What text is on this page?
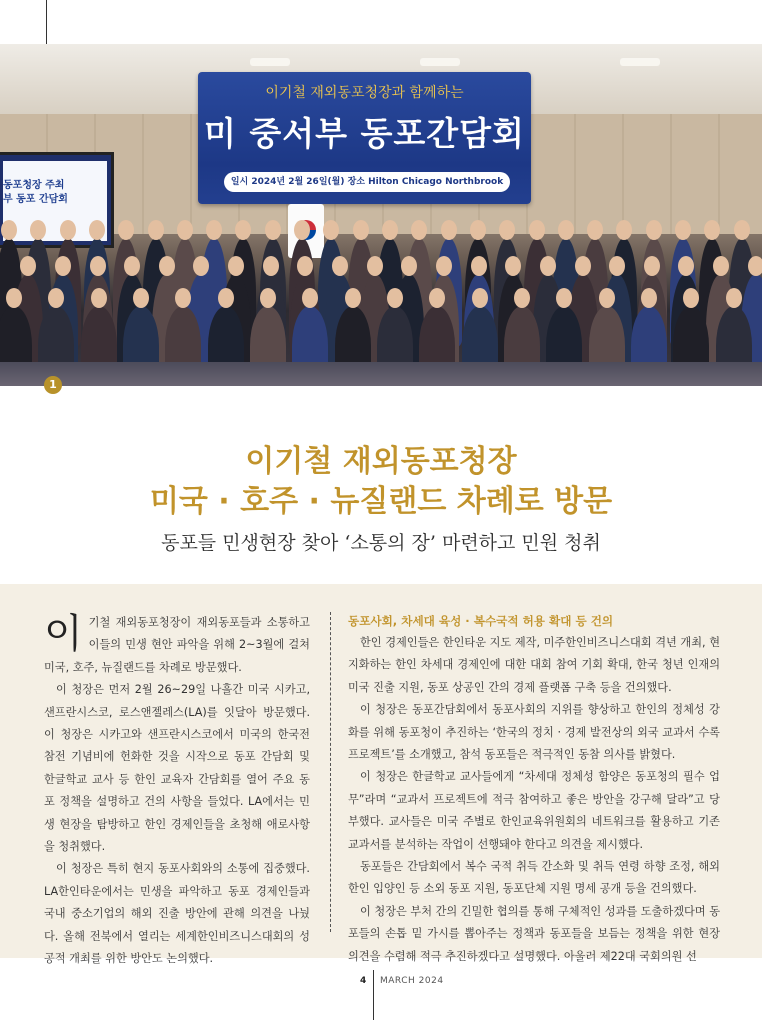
동포청장 주최
부 동포 간담회
이기철 재외동포청장과 함께하는
미 중서부 동포간담회
일시 2024년 2월 26일(월) 장소 Hilton Chicago Northbrook
1
이기철 재외동포청장
미국 · 호주 · 뉴질랜드 차례로 방문
동포들 민생현장 찾아 ‘소통의 장’ 마련하고 민원 청취

이기철 재외동포청장이 재외동포들과 소통하고 이들의 민생 현안 파악을 위해 2~3월에 걸쳐 미국, 호주, 뉴질랜드를 차례로 방문했다.

이 청장은 먼저 2월 26~29일 나흘간 미국 시카고, 샌프란시스코, 로스앤젤레스(LA)를 잇달아 방문했다. 이 청장은 시카고와 샌프란시스코에서 미국의 한국전 참전 기념비에 헌화한 것을 시작으로 동포 간담회 및 한글학교 교사 등 한인 교육자 간담회를 열어 주요 동포 정책을 설명하고 건의 사항을 들었다. LA에서는 민생 현장을 탐방하고 한인 경제인들을 초청해 애로사항을 청취했다.

이 청장은 특히 현지 동포사회와의 소통에 집중했다. LA한인타운에서는 민생을 파악하고 동포 경제인들과 국내 중소기업의 해외 진출 방안에 관해 의견을 나눴다. 올해 전북에서 열리는 세계한인비즈니스대회의 성공적 개최를 위한 방안도 논의했다.

동포사회, 차세대 육성 · 복수국적 허용 확대 등 건의

한인 경제인들은 한인타운 지도 제작, 미주한인비즈니스대회 격년 개최, 현지화하는 한인 차세대 경제인에 대한 대회 참여 기회 확대, 한국 청년 인재의 미국 진출 지원, 동포 상공인 간의 경제 플랫폼 구축 등을 건의했다.

이 청장은 동포간담회에서 동포사회의 지위를 향상하고 한인의 정체성 강화를 위해 동포청이 추진하는 ‘한국의 정치 · 경제 발전상의 외국 교과서 수록 프로젝트’를 소개했고, 참석 동포들은 적극적인 동참 의사를 밝혔다.

이 청장은 한글학교 교사들에게 “차세대 정체성 함양은 동포청의 필수 업무”라며 “교과서 프로젝트에 적극 참여하고 좋은 방안을 강구해 달라”고 당부했다. 교사들은 미국 주별로 한인교육위원회의 네트워크를 활용하고 기존 교과서를 분석하는 작업이 선행돼야 한다고 의견을 제시했다.

동포들은 간담회에서 복수 국적 취득 간소화 및 취득 연령 하향 조정, 해외 한인 입양인 등 소외 동포 지원, 동포단체 지원 명세 공개 등을 건의했다.

이 청장은 부처 간의 긴밀한 협의를 통해 구체적인 성과를 도출하겠다며 동포들의 손톱 밑 가시를 뽑아주는 정책과 동포들을 보듬는 정책을 위한 현장 의견을 수렴해 적극 추진하겠다고 설명했다. 아울러 제22대 국회의원 선

4 MARCH 2024
